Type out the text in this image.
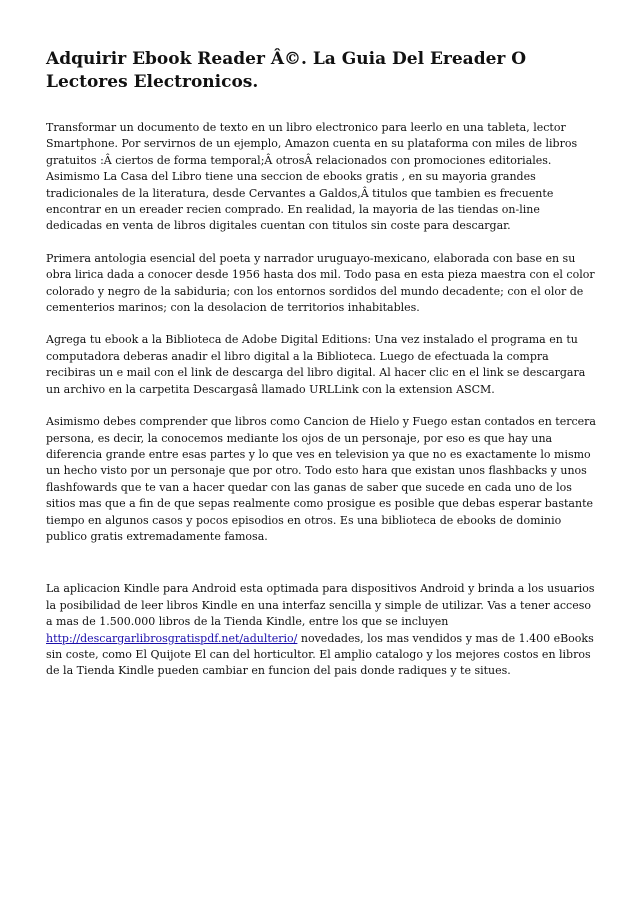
Adquirir Ebook Reader Â©. La Guia Del Ereader O Lectores Electronicos.

Transformar un documento de texto en un libro electronico para leerlo en una tableta, lector Smartphone. Por servirnos de un ejemplo, Amazon cuenta en su plataforma con miles de libros gratuitos :Â ciertos de forma temporal;Â otrosÂ relacionados con promociones editoriales. Asimismo La Casa del Libro tiene una seccion de ebooks gratis , en su mayoria grandes tradicionales de la literatura, desde Cervantes a Galdos,Â titulos que tambien es frecuente encontrar en un ereader recien comprado. En realidad, la mayoria de las tiendas on-line dedicadas en venta de libros digitales cuentan con titulos sin coste para descargar.

Primera antologia esencial del poeta y narrador uruguayo-mexicano, elaborada con base en su obra lirica dada a conocer desde 1956 hasta dos mil. Todo pasa en esta pieza maestra con el color colorado y negro de la sabiduria; con los entornos sordidos del mundo decadente; con el olor de cementerios marinos; con la desolacion de territorios inhabitables.

Agrega tu ebook a la Biblioteca de Adobe Digital Editions: Una vez instalado el programa en tu computadora deberas anadir el libro digital a la Biblioteca. Luego de efectuada la compra recibiras un e mail con el link de descarga del libro digital. Al hacer clic en el link se descargara un archivo en la carpetita Descargasâ llamado URLLink con la extension ASCM.

Asimismo debes comprender que libros como Cancion de Hielo y Fuego estan contados en tercera persona, es decir, la conocemos mediante los ojos de un personaje, por eso es que hay una diferencia grande entre esas partes y lo que ves en television ya que no es exactamente lo mismo un hecho visto por un personaje que por otro. Todo esto hara que existan unos flashbacks y unos flashfowards que te van a hacer quedar con las ganas de saber que sucede en cada uno de los sitios mas que a fin de que sepas realmente como prosigue es posible que debas esperar bastante tiempo en algunos casos y pocos episodios en otros. Es una biblioteca de ebooks de dominio publico gratis extremadamente famosa.

La aplicacion Kindle para Android esta optimada para dispositivos Android y brinda a los usuarios la posibilidad de leer libros Kindle en una interfaz sencilla y simple de utilizar. Vas a tener acceso a mas de 1.500.000 libros de la Tienda Kindle, entre los que se incluyen http://descargarlibrosgratispdf.net/adulterio/ novedades, los mas vendidos y mas de 1.400 eBooks sin coste, como El Quijote El can del horticultor. El amplio catalogo y los mejores costos en libros de la Tienda Kindle pueden cambiar en funcion del pais donde radiques y te situes.
